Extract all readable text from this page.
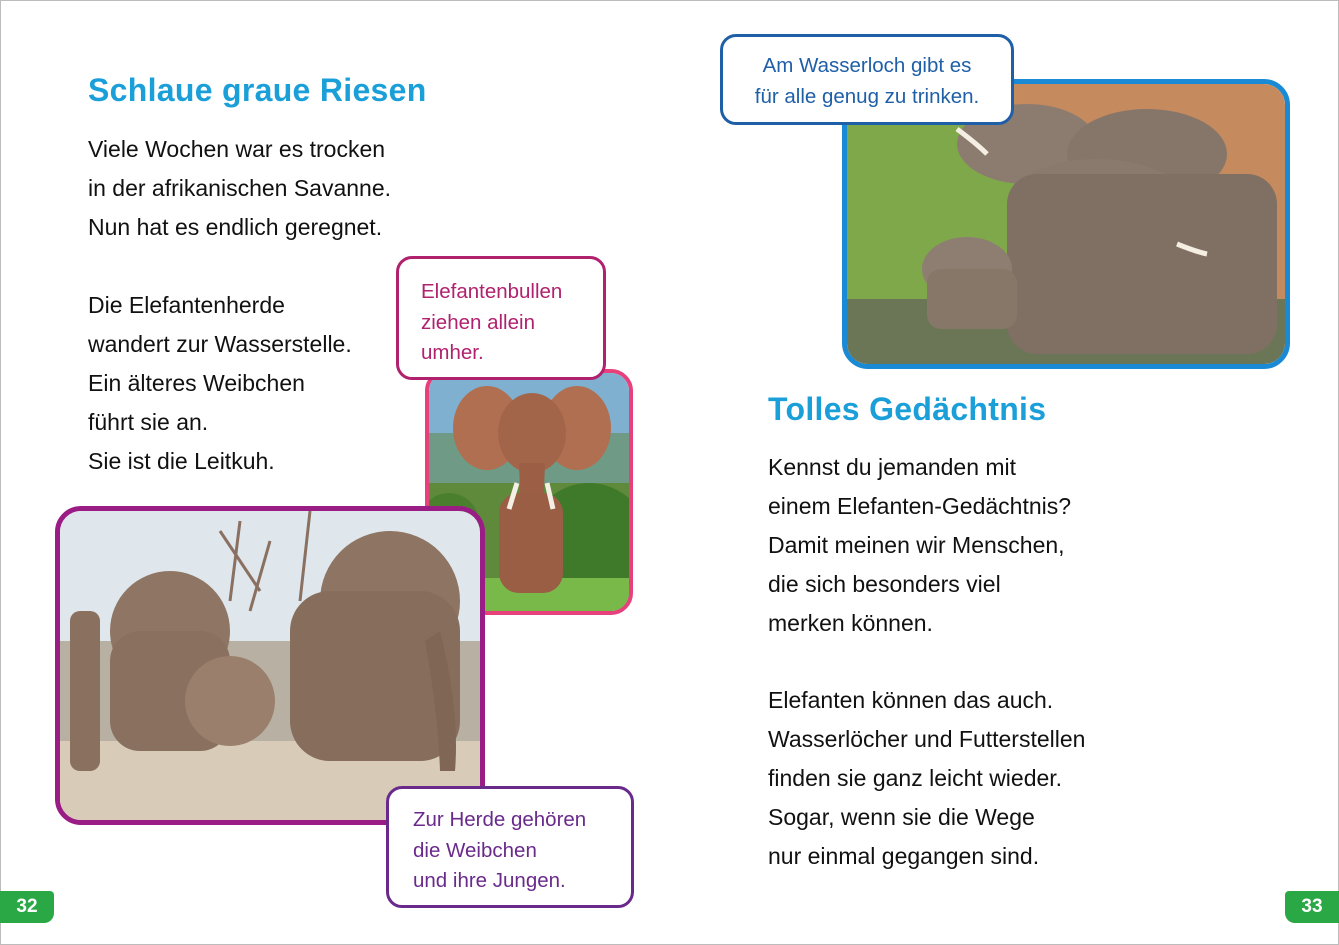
Schlaue graue Riesen

Viele Wochen war es trocken
in der afrikanischen Savanne.
Nun hat es endlich geregnet.

Die Elefantenherde
wandert zur Wasserstelle.
Ein älteres Weibchen
führt sie an.
Sie ist die Leitkuh.

Elefantenbullen
ziehen allein
umher.
Zur Herde gehören
die Weibchen
und ihre Jungen.
32
Am Wasserloch gibt es
für alle genug zu trinken.
Tolles Gedächtnis

Kennst du jemanden mit
einem Elefanten-Gedächtnis?
Damit meinen wir Menschen,
die sich besonders viel
merken können.

Elefanten können das auch.
Wasserlöcher und Futterstellen
finden sie ganz leicht wieder.
Sogar, wenn sie die Wege
nur einmal gegangen sind.

33
